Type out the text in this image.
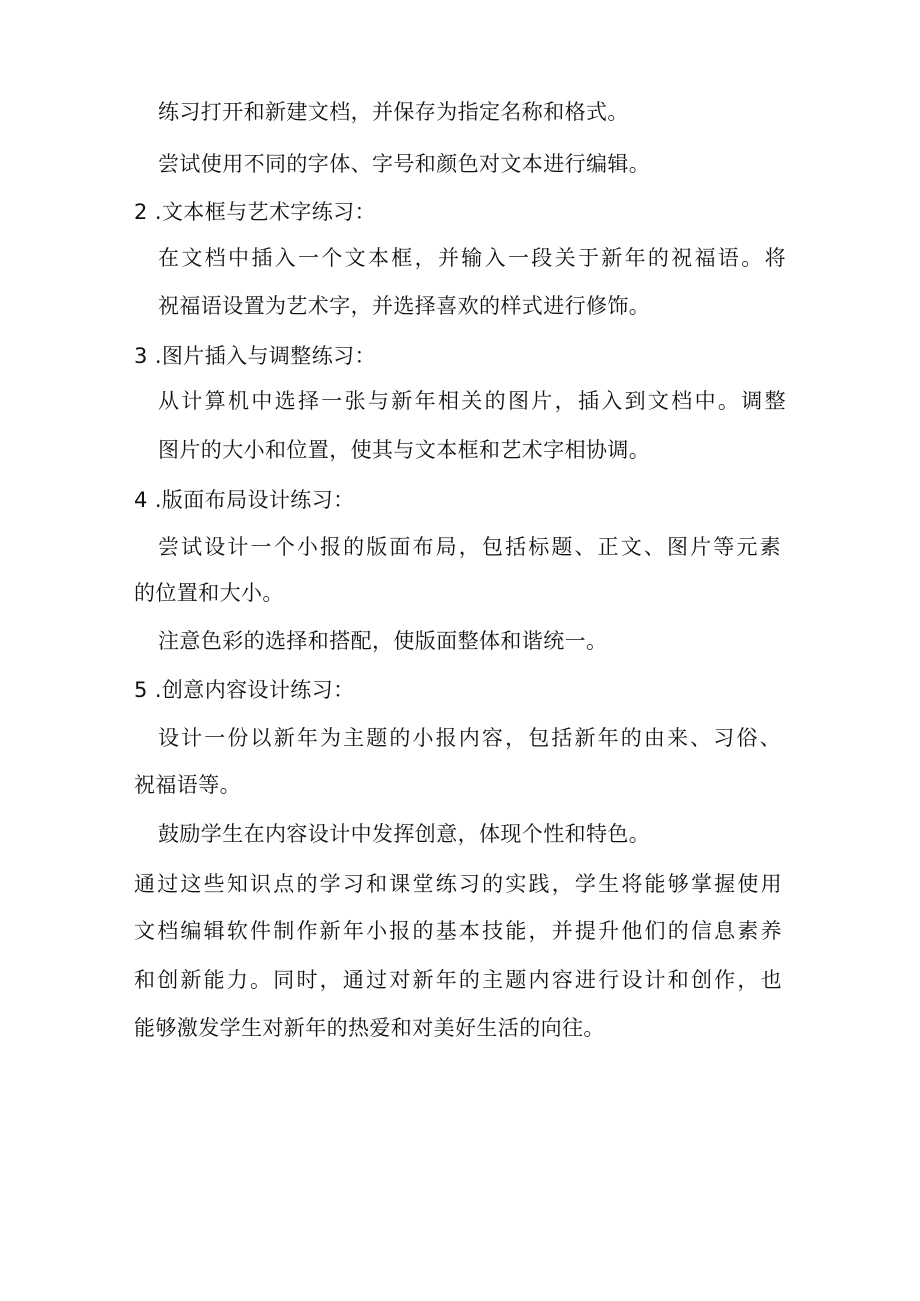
练习打开和新建文档，并保存为指定名称和格式。
尝试使用不同的字体、字号和颜色对文本进行编辑。
2 .文本框与艺术字练习：
在文档中插入一个文本框，并输入一段关于新年的祝福语。将
祝福语设置为艺术字，并选择喜欢的样式进行修饰。
3 .图片插入与调整练习：
从计算机中选择一张与新年相关的图片，插入到文档中。调整
图片的大小和位置，使其与文本框和艺术字相协调。
4 .版面布局设计练习：
尝试设计一个小报的版面布局，包括标题、正文、图片等元素
的位置和大小。
注意色彩的选择和搭配，使版面整体和谐统一。
5 .创意内容设计练习：
设计一份以新年为主题的小报内容，包括新年的由来、习俗、
祝福语等。
鼓励学生在内容设计中发挥创意，体现个性和特色。
通过这些知识点的学习和课堂练习的实践，学生将能够掌握使用
文档编辑软件制作新年小报的基本技能，并提升他们的信息素养
和创新能力。同时，通过对新年的主题内容进行设计和创作，也
能够激发学生对新年的热爱和对美好生活的向往。
